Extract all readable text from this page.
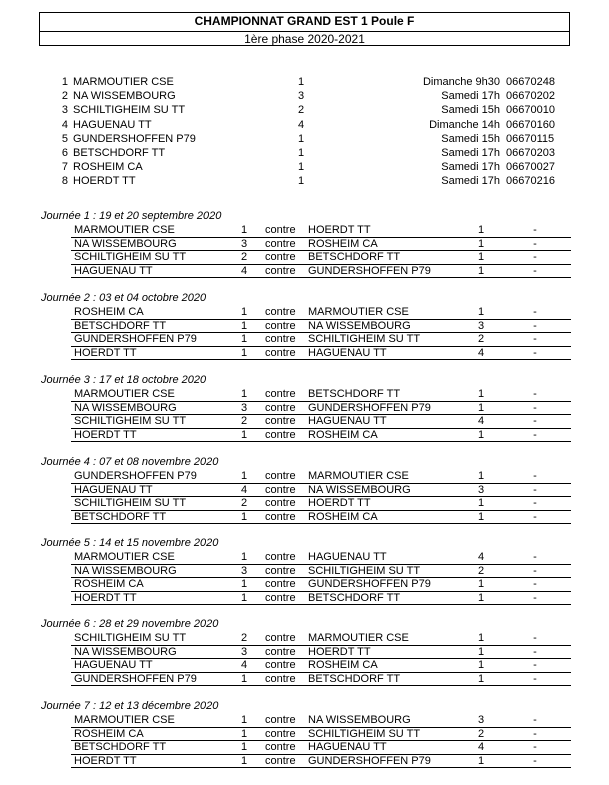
CHAMPIONNAT GRAND EST 1 Poule F
1ère phase 2020-2021
1 MARMOUTIER CSE	1	Dimanche 9h30 06670248
2 NA WISSEMBOURG	3	Samedi 17h 06670202
3 SCHILTIGHEIM SU TT	2	Samedi 15h 06670010
4 HAGUENAU TT	4	Dimanche 14h 06670160
5 GUNDERSHOFFEN P79	1	Samedi 15h 06670115
6 BETSCHDORF TT	1	Samedi 17h 06670203
7 ROSHEIM CA	1	Samedi 17h 06670027
8 HOERDT TT	1	Samedi 17h 06670216
Journée 1 : 19 et 20 septembre 2020
MARMOUTIER CSE	1 contre HOERDT TT	1	-
NA WISSEMBOURG	3 contre ROSHEIM CA	1	-
SCHILTIGHEIM SU TT	2 contre BETSCHDORF TT	1	-
HAGUENAU TT	4 contre GUNDERSHOFFEN P79	1	-
Journée 2 : 03 et 04 octobre 2020
ROSHEIM CA	1 contre MARMOUTIER CSE	1	-
BETSCHDORF TT	1 contre NA WISSEMBOURG	3	-
GUNDERSHOFFEN P79	1 contre SCHILTIGHEIM SU TT	2	-
HOERDT TT	1 contre HAGUENAU TT	4	-
Journée 3 : 17 et 18 octobre 2020
MARMOUTIER CSE	1 contre BETSCHDORF TT	1	-
NA WISSEMBOURG	3 contre GUNDERSHOFFEN P79	1	-
SCHILTIGHEIM SU TT	2 contre HAGUENAU TT	4	-
HOERDT TT	1 contre ROSHEIM CA	1	-
Journée 4 : 07 et 08 novembre 2020
GUNDERSHOFFEN P79	1 contre MARMOUTIER CSE	1	-
HAGUENAU TT	4 contre NA WISSEMBOURG	3	-
SCHILTIGHEIM SU TT	2 contre HOERDT TT	1	-
BETSCHDORF TT	1 contre ROSHEIM CA	1	-
Journée 5 : 14 et 15 novembre 2020
MARMOUTIER CSE	1 contre HAGUENAU TT	4	-
NA WISSEMBOURG	3 contre SCHILTIGHEIM SU TT	2	-
ROSHEIM CA	1 contre GUNDERSHOFFEN P79	1	-
HOERDT TT	1 contre BETSCHDORF TT	1	-
Journée 6 : 28 et 29 novembre 2020
SCHILTIGHEIM SU TT	2 contre MARMOUTIER CSE	1	-
NA WISSEMBOURG	3 contre HOERDT TT	1	-
HAGUENAU TT	4 contre ROSHEIM CA	1	-
GUNDERSHOFFEN P79	1 contre BETSCHDORF TT	1	-
Journée 7 : 12 et 13 décembre 2020
MARMOUTIER CSE	1 contre NA WISSEMBOURG	3	-
ROSHEIM CA	1 contre SCHILTIGHEIM SU TT	2	-
BETSCHDORF TT	1 contre HAGUENAU TT	4	-
HOERDT TT	1 contre GUNDERSHOFFEN P79	1	-
